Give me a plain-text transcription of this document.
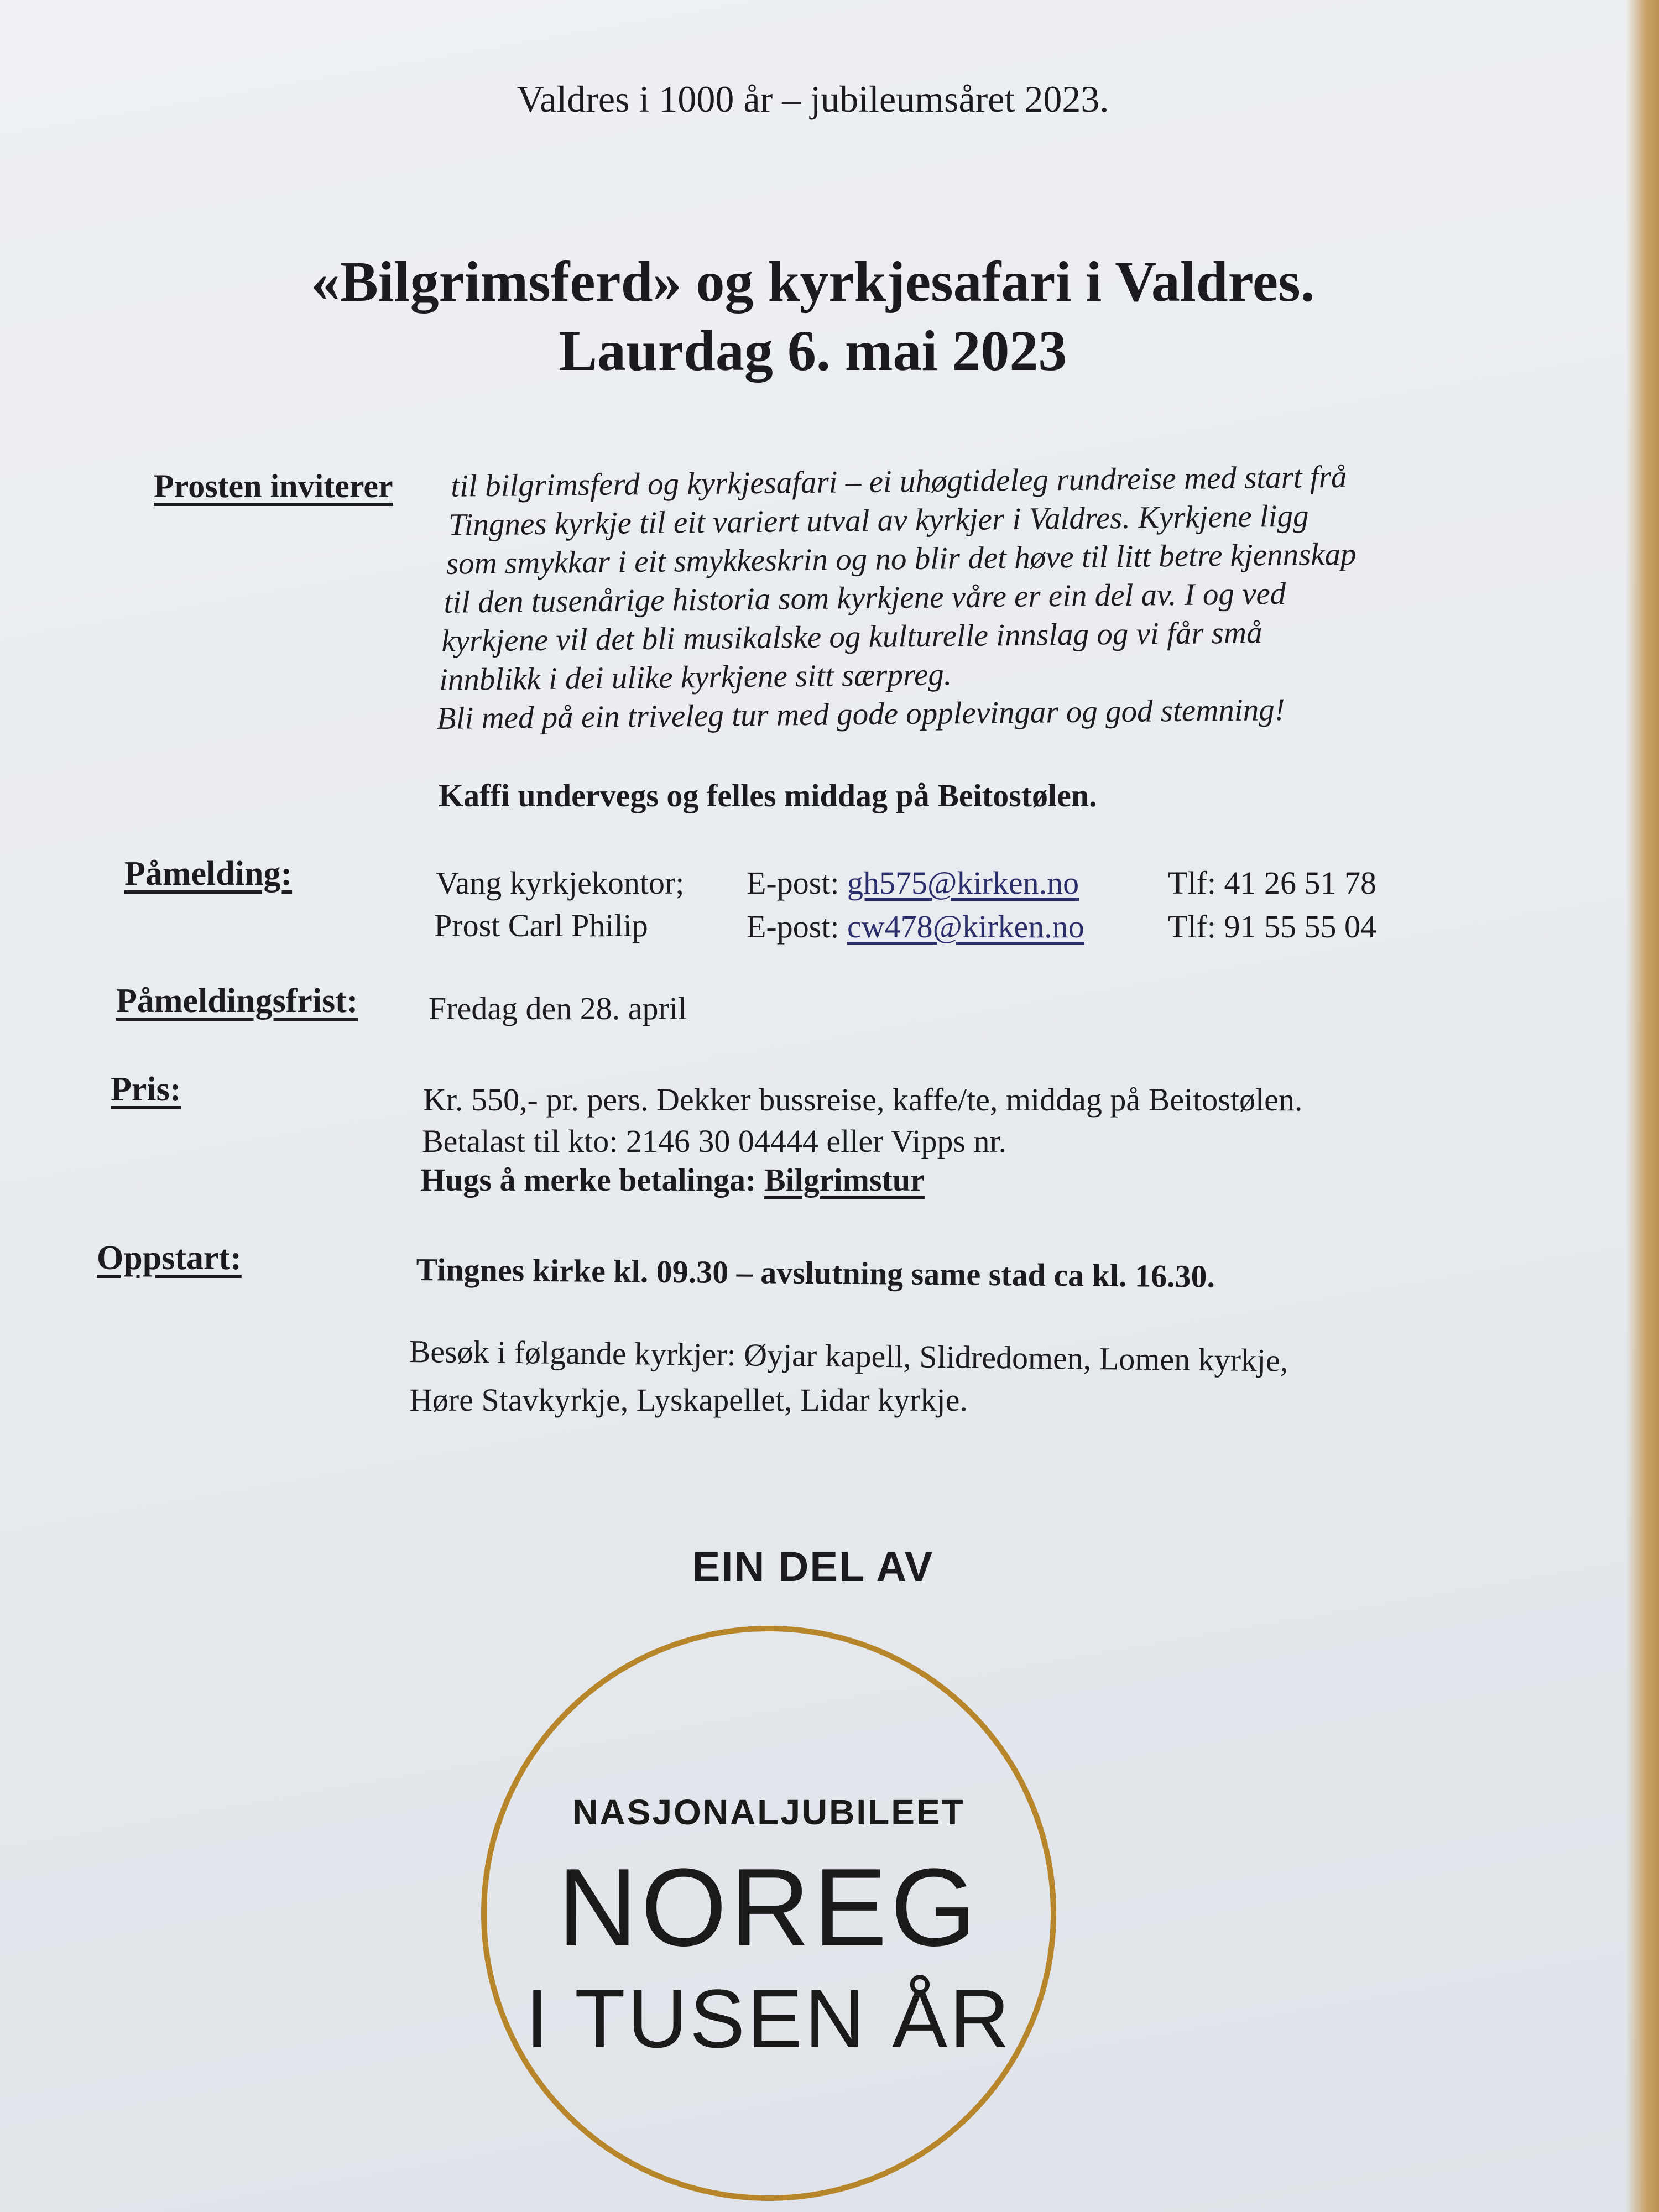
Valdres i 1000 år – jubileumsåret 2023.
«Bilgrimsferd» og kyrkjesafari i Valdres.
Laurdag 6. mai 2023
Prosten inviterer til bilgrimsferd og kyrkjesafari – ei uhøgtideleg rundreise med start frå
Tingnes kyrkje til eit variert utval av kyrkjer i Valdres. Kyrkjene ligg
som smykkar i eit smykkeskrin og no blir det høve til litt betre kjennskap
til den tusenårige historia som kyrkjene våre er ein del av. I og ved
kyrkjene vil det bli musikalske og kulturelle innslag og vi får små
innblikk i dei ulike kyrkjene sitt særpreg.
Bli med på ein triveleg tur med gode opplevingar og god stemning!
Kaffi undervegs og felles middag på Beitostølen.
Påmelding:	Vang kyrkjekontor; E-post: gh575@kirken.no	Tlf: 41 26 51 78
Prost Carl Philip	E-post: cw478@kirken.no	Tlf: 91 55 55 04
Påmeldingsfrist: Fredag den 28. april
Pris:	Kr. 550,- pr. pers. Dekker bussreise, kaffe/te, middag på Beitostølen.
Betalast til kto: 2146 30 04444 eller Vipps nr.
Hugs å merke betalinga: Bilgrimstur
Oppstart:	Tingnes kirke kl. 09.30 – avslutning same stad ca kl. 16.30.
Besøk i følgande kyrkjer: Øyjar kapell, Slidredomen, Lomen kyrkje,
Høre Stavkyrkje, Lyskapellet, Lidar kyrkje.
EIN DEL AV
NASJONALJUBILEET
NOREG
I TUSEN ÅR
